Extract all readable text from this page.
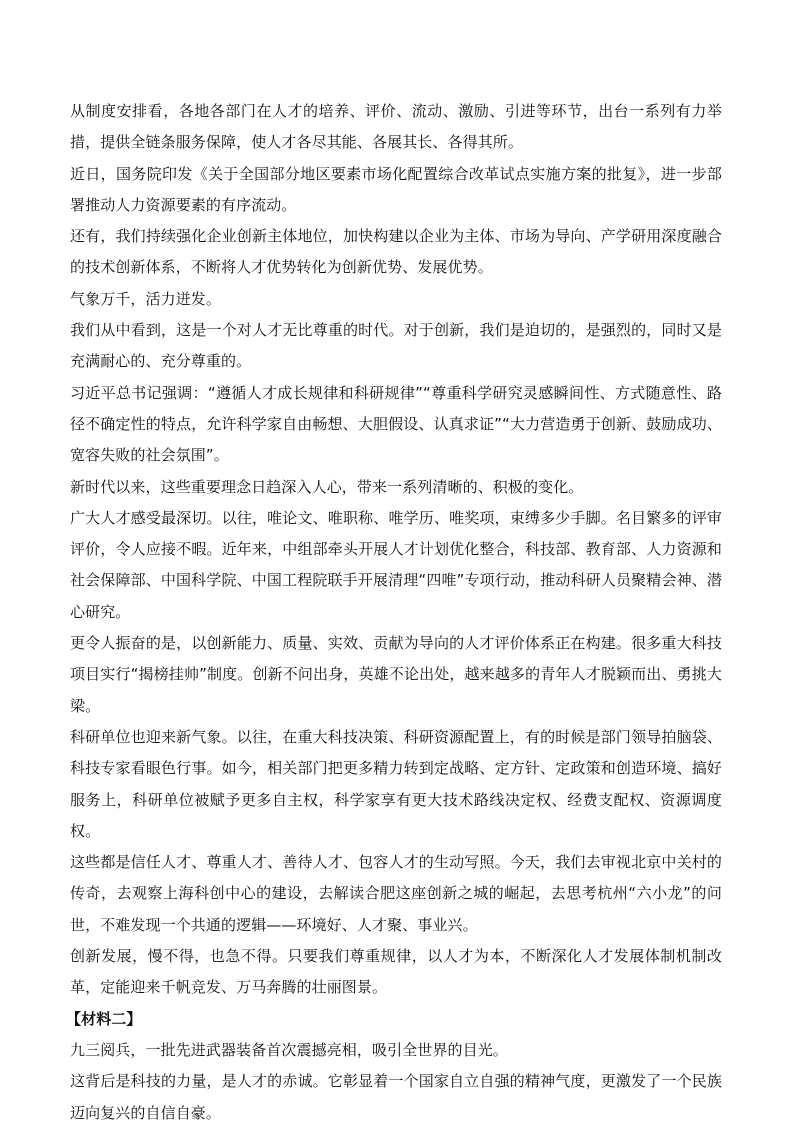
从制度安排看，各地各部门在人才的培养、评价、流动、激励、引进等环节，出台一系列有力举措，提供全链条服务保障，使人才各尽其能、各展其长、各得其所。

近日，国务院印发《关于全国部分地区要素市场化配置综合改革试点实施方案的批复》，进一步部署推动人力资源要素的有序流动。

还有，我们持续强化企业创新主体地位，加快构建以企业为主体、市场为导向、产学研用深度融合的技术创新体系，不断将人才优势转化为创新优势、发展优势。

气象万千，活力迸发。

我们从中看到，这是一个对人才无比尊重的时代。对于创新，我们是迫切的，是强烈的，同时又是充满耐心的、充分尊重的。

习近平总书记强调：“遵循人才成长规律和科研规律”“尊重科学研究灵感瞬间性、方式随意性、路径不确定性的特点，允许科学家自由畅想、大胆假设、认真求证”“大力营造勇于创新、鼓励成功、宽容失败的社会氛围”。

新时代以来，这些重要理念日趋深入人心，带来一系列清晰的、积极的变化。

广大人才感受最深切。以往，唯论文、唯职称、唯学历、唯奖项，束缚多少手脚。名目繁多的评审评价，令人应接不暇。近年来，中组部牵头开展人才计划优化整合，科技部、教育部、人力资源和社会保障部、中国科学院、中国工程院联手开展清理“四唯”专项行动，推动科研人员聚精会神、潜心研究。

更令人振奋的是，以创新能力、质量、实效、贡献为导向的人才评价体系正在构建。很多重大科技项目实行“揭榜挂帅”制度。创新不问出身，英雄不论出处，越来越多的青年人才脱颖而出、勇挑大梁。

科研单位也迎来新气象。以往，在重大科技决策、科研资源配置上，有的时候是部门领导拍脑袋、科技专家看眼色行事。如今，相关部门把更多精力转到定战略、定方针、定政策和创造环境、搞好服务上，科研单位被赋予更多自主权，科学家享有更大技术路线决定权、经费支配权、资源调度权。

这些都是信任人才、尊重人才、善待人才、包容人才的生动写照。今天，我们去审视北京中关村的传奇，去观察上海科创中心的建设，去解读合肥这座创新之城的崛起，去思考杭州“六小龙”的问世，不难发现一个共通的逻辑——环境好、人才聚、事业兴。

创新发展，慢不得，也急不得。只要我们尊重规律，以人才为本，不断深化人才发展体制机制改革，定能迎来千帆竞发、万马奔腾的壮丽图景。

【材料二】

九三阅兵，一批先进武器装备首次震撼亮相，吸引全世界的目光。

这背后是科技的力量，是人才的赤诚。它彰显着一个国家自立自强的精神气度，更激发了一个民族迈向复兴的自信自豪。
